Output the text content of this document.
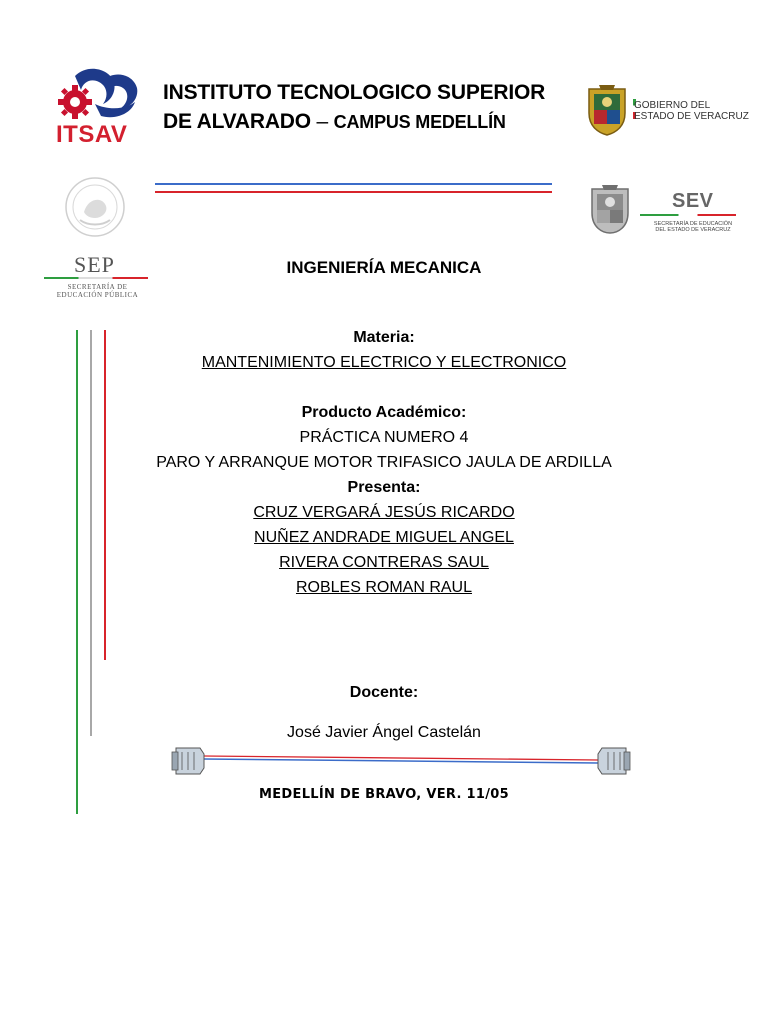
ITSAV
INSTITUTO TECNOLOGICO SUPERIOR
DE ALVARADO – CAMPUS MEDELLÍN
GOBIERNO DEL
ESTADO DE VERACRUZ
SEP
SECRETARÍA DE
EDUCACIÓN PÚBLICA
SEV
SECRETARÍA DE EDUCACIÓN
DEL ESTADO DE VERACRUZ
INGENIERÍA MECANICA
Materia:
MANTENIMIENTO ELECTRICO Y ELECTRONICO
Producto Académico:
PRÁCTICA NUMERO 4
PARO Y ARRANQUE MOTOR TRIFASICO JAULA DE ARDILLA
Presenta:
CRUZ VERGARÁ JESÚS RICARDO
NUÑEZ ANDRADE MIGUEL ANGEL
RIVERA CONTRERAS SAUL
ROBLES ROMAN RAUL
Docente:
José Javier Ángel Castelán
MEDELLÍN DE BRAVO, VER. 11/05
